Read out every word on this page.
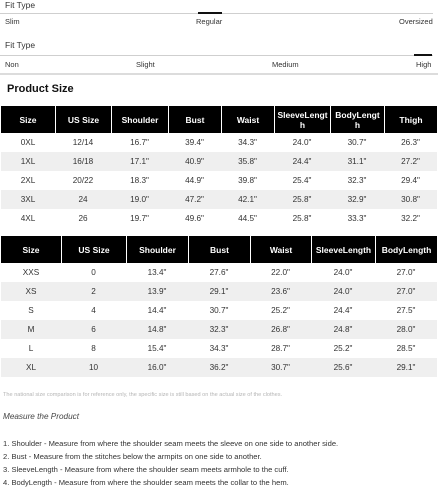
Fit Type
Slim	Regular	Oversized
Fit Type
Non	Slight	Medium	High
Product Size
Size	US Size	Shoulder	Bust	Waist	SleeveLength	BodyLength	Thigh
0XL	12/14	16.7"	39.4"	34.3"	24.0"	30.7"	26.3"
1XL	16/18	17.1"	40.9"	35.8"	24.4"	31.1"	27.2"
2XL	20/22	18.3"	44.9"	39.8"	25.4"	32.3"	29.4"
3XL	24	19.0"	47.2"	42.1"	25.8"	32.9"	30.8"
4XL	26	19.7"	49.6"	44.5"	25.8"	33.3"	32.2"
Size	US Size	Shoulder	Bust	Waist	SleeveLength	BodyLength
XXS	0	13.4"	27.6"	22.0"	24.0"	27.0"
XS	2	13.9"	29.1"	23.6"	24.0"	27.0"
S	4	14.4"	30.7"	25.2"	24.4"	27.5"
M	6	14.8"	32.3"	26.8"	24.8"	28.0"
L	8	15.4"	34.3"	28.7"	25.2"	28.5"
XL	10	16.0"	36.2"	30.7"	25.6"	29.1"
The national size comparison is for reference only, the specific size is still based on the actual size of the clothes.
Measure the Product
1. Shoulder - Measure from where the shoulder seam meets the sleeve on one side to another side.
2. Bust - Measure from the stitches below the armpits on one side to another.
3. SleeveLength - Measure from where the shoulder seam meets armhole to the cuff.
4. BodyLength - Measure from where the shoulder seam meets the collar to the hem.
